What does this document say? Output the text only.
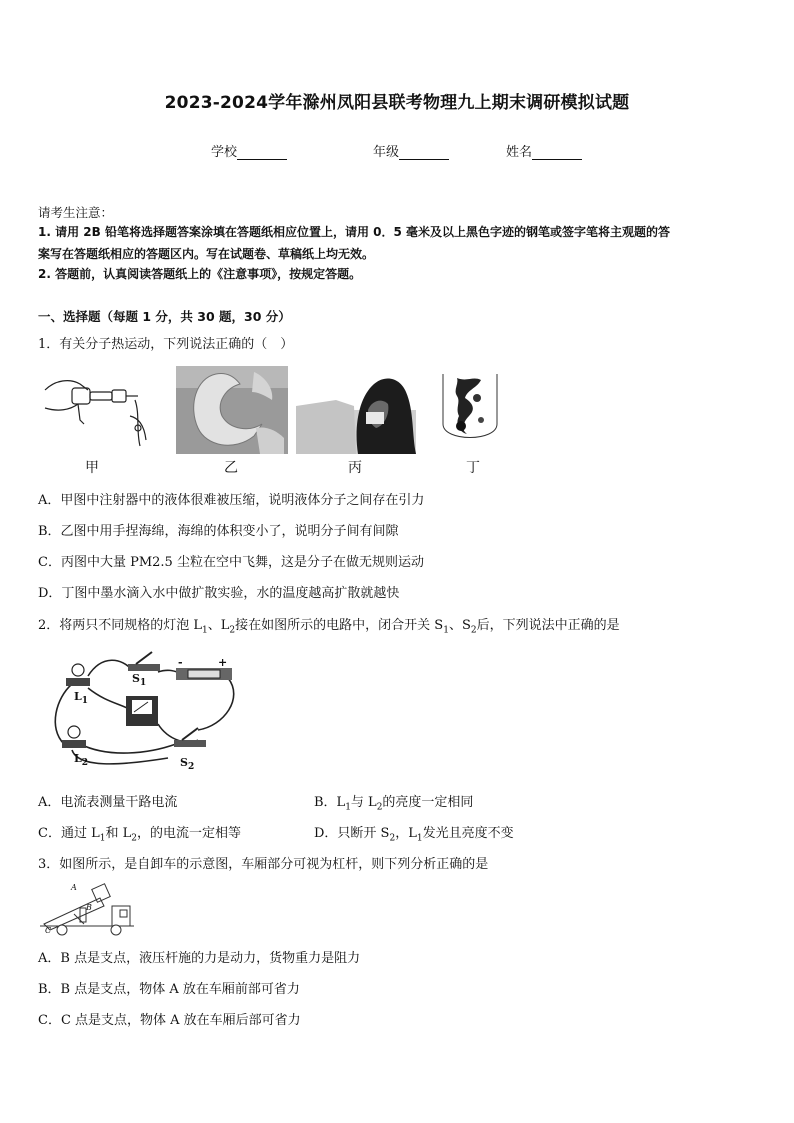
2023-2024学年滁州凤阳县联考物理九上期末调研模拟试题
学校	年级	姓名
请考生注意：
1. 请用 2B 铅笔将选择题答案涂填在答题纸相应位置上，请用 0．5 毫米及以上黑色字迹的钢笔或签字笔将主观题的答
案写在答题纸相应的答题区内。写在试题卷、草稿纸上均无效。
2. 答题前，认真阅读答题纸上的《注意事项》，按规定答题。
一、选择题（每题 1 分，共 30 题，30 分）
1．有关分子热运动，下列说法正确的（　）
甲	乙	丙	丁
A．甲图中注射器中的液体很难被压缩，说明液体分子之间存在引力
B．乙图中用手捏海绵，海绵的体积变小了，说明分子间有间隙
C．丙图中大量 PM2.5 尘粒在空中飞舞，这是分子在做无规则运动
D．丁图中墨水滴入水中做扩散实验，水的温度越高扩散就越快
2．将两只不同规格的灯泡 $L_1$、$L_2$接在如图所示的电路中，闭合开关 $S_1$、$S_2$后，下列说法中正确的是
$S_1$
$L_1$
$L_2$	$S_2$
-	+
A．电流表测量干路电流	B．$L_1$与 $L_2$的亮度一定相同
C．通过 $L_1$和 $L_2$，的电流一定相等	D．只断开 $S_2$，$L_1$发光且亮度不变
3．如图所示，是自卸车的示意图，车厢部分可视为杠杆，则下列分析正确的是
A
B
C
A．B 点是支点，液压杆施的力是动力，货物重力是阻力
B．B 点是支点，物体 A 放在车厢前部可省力
C．C 点是支点，物体 A 放在车厢后部可省力
